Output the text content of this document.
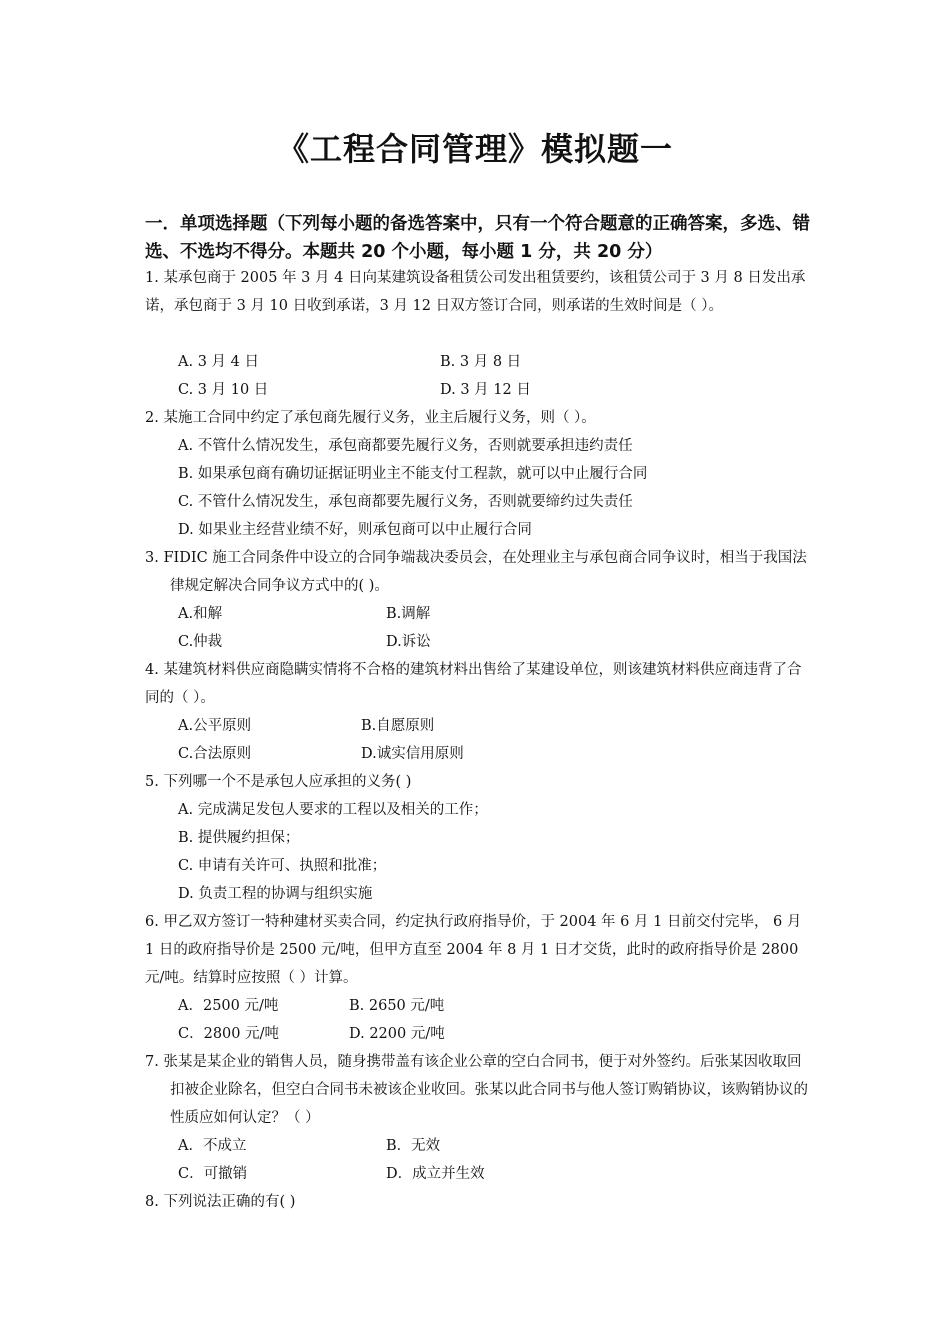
《工程合同管理》模拟题一
一．单项选择题（下列每小题的备选答案中，只有一个符合题意的正确答案，多选、错选、不选均不得分。本题共 20 个小题，每小题 1 分，共 20 分）
1. 某承包商于 2005 年 3 月 4 日向某建筑设备租赁公司发出租赁要约，该租赁公司于 3 月 8 日发出承诺，承包商于 3 月 10 日收到承诺，3 月 12 日双方签订合同，则承诺的生效时间是（ ）。
A. 3 月 4 日	B. 3 月 8 日
C. 3 月 10 日	D. 3 月 12 日
2. 某施工合同中约定了承包商先履行义务，业主后履行义务，则（ ）。
A. 不管什么情况发生，承包商都要先履行义务，否则就要承担违约责任
B. 如果承包商有确切证据证明业主不能支付工程款，就可以中止履行合同
C. 不管什么情况发生，承包商都要先履行义务，否则就要缔约过失责任
D. 如果业主经营业绩不好，则承包商可以中止履行合同
3. FIDIC 施工合同条件中设立的合同争端裁决委员会，在处理业主与承包商合同争议时，相当于我国法律规定解决合同争议方式中的( )。
A.和解	B.调解
C.仲裁	D.诉讼
4. 某建筑材料供应商隐瞒实情将不合格的建筑材料出售给了某建设单位，则该建筑材料供应商违背了合同的（ ）。
A.公平原则	B.自愿原则
C.合法原则	D.诚实信用原则
5. 下列哪一个不是承包人应承担的义务( )
A. 完成满足发包人要求的工程以及相关的工作；
B. 提供履约担保；
C. 申请有关许可、执照和批准；
D. 负责工程的协调与组织实施
6. 甲乙双方签订一特种建材买卖合同，约定执行政府指导价，于 2004 年 6 月 1 日前交付完毕， 6 月 1 日的政府指导价是 2500 元/吨，但甲方直至 2004 年 8 月 1 日才交货，此时的政府指导价是 2800 元/吨。结算时应按照（ ）计算。
A．2500 元/吨	B. 2650 元/吨
C．2800 元/吨	D. 2200 元/吨
7. 张某是某企业的销售人员，随身携带盖有该企业公章的空白合同书，便于对外签约。后张某因收取回扣被企业除名，但空白合同书未被该企业收回。张某以此合同书与他人签订购销协议，该购销协议的性质应如何认定？（ ）
A．不成立	B．无效
C．可撤销	D．成立并生效
8. 下列说法正确的有( )
